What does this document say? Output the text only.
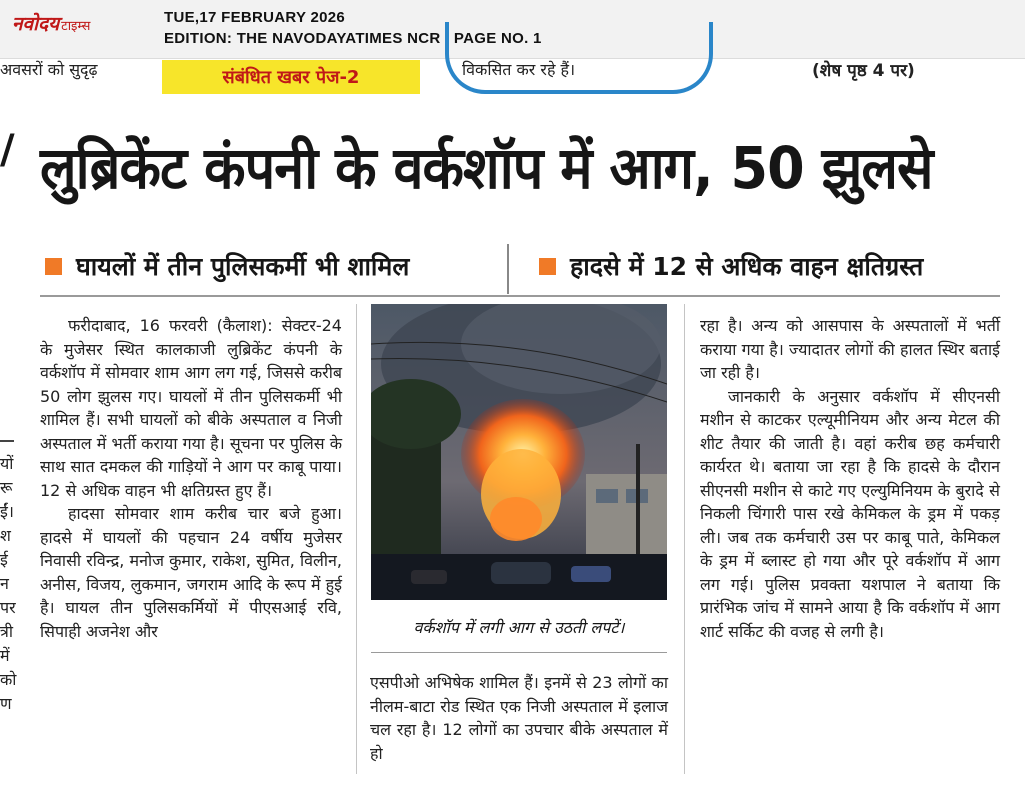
नवोदय टाइम्स
TUE,17 FEBRUARY 2026
EDITION: THE NAVODAYATIMES NCR , PAGE NO. 1
अवसरों को सुदृढ़	संबंधित खबर पेज-2	विकसित कर रहे हैं।	(शेष पृष्ठ 4 पर)
/ लुब्रिकेंट कंपनी के वर्कशॉप में आग, 50 झुलसे
घायलों में तीन पुलिसकर्मी भी शामिल	हादसे में 12 से अधिक वाहन क्षतिग्रस्त
यों
रू
ईं।
श
ई
न
पर
त्री
में
को
ण

फरीदाबाद, 16 फरवरी (कैलाश): सेक्टर-24 के मुजेसर स्थित कालकाजी लुब्रिकेंट कंपनी के वर्कशॉप में सोमवार शाम आग लग गई, जिससे करीब 50 लोग झुलस गए। घायलों में तीन पुलिसकर्मी भी शामिल हैं। सभी घायलों को बीके अस्पताल व निजी अस्पताल में भर्ती कराया गया है। सूचना पर पुलिस के साथ सात दमकल की गाड़ियों ने आग पर काबू पाया। 12 से अधिक वाहन भी क्षतिग्रस्त हुए हैं।

हादसा सोमवार शाम करीब चार बजे हुआ। हादसे में घायलों की पहचान 24 वर्षीय मुजेसर निवासी रविन्द्र, मनोज कुमार, राकेश, सुमित, विलीन, अनीस, विजय, लुकमान, जगराम आदि के रूप में हुई है। घायल तीन पुलिसकर्मियों में पीएसआई रवि, सिपाही अजनेश और	वर्कशॉप में लगी आग से उठती लपटें।

एसपीओ अभिषेक शामिल हैं। इनमें से 23 लोगों का नीलम-बाटा रोड स्थित एक निजी अस्पताल में इलाज चल रहा है। 12 लोगों का उपचार बीके अस्पताल में हो

रहा है। अन्य को आसपास के अस्पतालों में भर्ती कराया गया है। ज्यादातर लोगों की हालत स्थिर बताई जा रही है।

जानकारी के अनुसार वर्कशॉप में सीएनसी मशीन से काटकर एल्यूमीनियम और अन्य मेटल की शीट तैयार की जाती है। वहां करीब छह कर्मचारी कार्यरत थे। बताया जा रहा है कि हादसे के दौरान सीएनसी मशीन से काटे गए एल्युमिनियम के बुरादे से निकली चिंगारी पास रखे केमिकल के ड्रम में पकड़ ली। जब तक कर्मचारी उस पर काबू पाते, केमिकल के ड्रम में ब्लास्ट हो गया और पूरे वर्कशॉप में आग लग गई। पुलिस प्रवक्ता यशपाल ने बताया कि प्रारंभिक जांच में सामने आया है कि वर्कशॉप में आग शार्ट सर्किट की वजह से लगी है।
